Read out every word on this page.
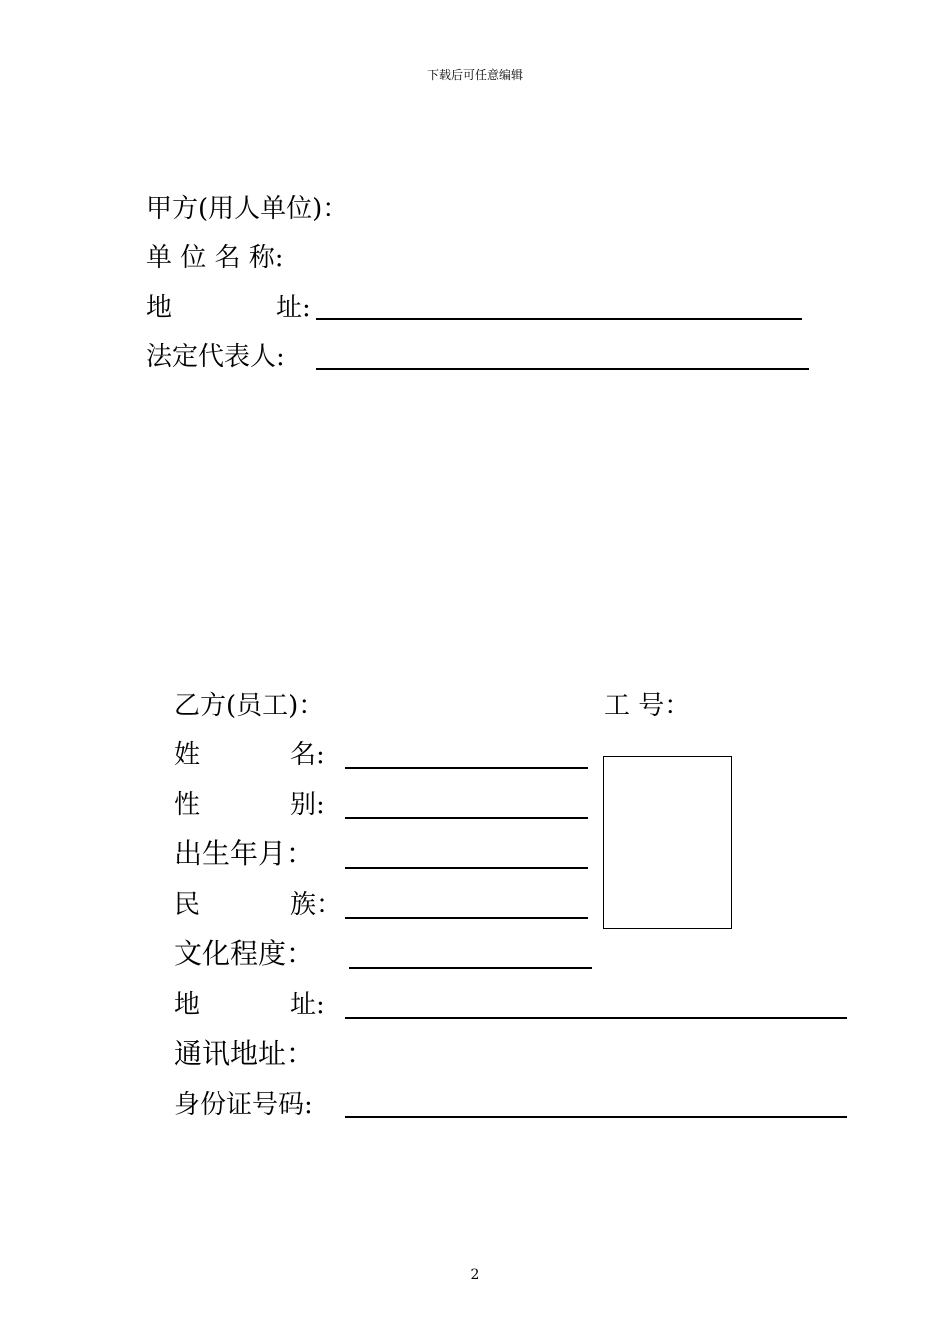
下载后可任意编辑
甲方(用人单位)：
单 位 名 称:
地	址:
法定代表人:
乙方(员工)：	工 号：
姓	名:
性	别:
出生年月：
民	族：
文化程度：
地	址:
通讯地址：
身份证号码:
2
